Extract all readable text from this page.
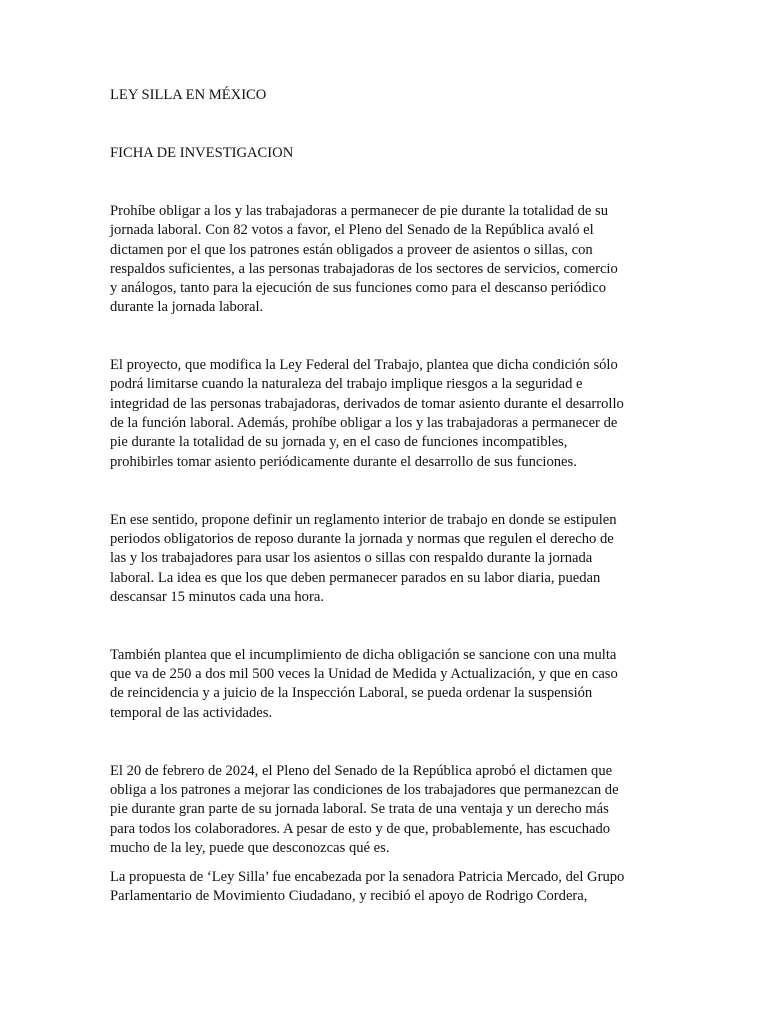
LEY SILLA EN MÉXICO
FICHA DE INVESTIGACION
Prohíbe obligar a los y las trabajadoras a permanecer de pie durante la totalidad de su
jornada laboral. Con 82 votos a favor, el Pleno del Senado de la República avaló el
dictamen por el que los patrones están obligados a proveer de asientos o sillas, con
respaldos suficientes, a las personas trabajadoras de los sectores de servicios, comercio
y análogos, tanto para la ejecución de sus funciones como para el descanso periódico
durante la jornada laboral.
El proyecto, que modifica la Ley Federal del Trabajo, plantea que dicha condición sólo
podrá limitarse cuando la naturaleza del trabajo implique riesgos a la seguridad e
integridad de las personas trabajadoras, derivados de tomar asiento durante el desarrollo
de la función laboral. Además, prohíbe obligar a los y las trabajadoras a permanecer de
pie durante la totalidad de su jornada y, en el caso de funciones incompatibles,
prohibirles tomar asiento periódicamente durante el desarrollo de sus funciones.
En ese sentido, propone definir un reglamento interior de trabajo en donde se estipulen
periodos obligatorios de reposo durante la jornada y normas que regulen el derecho de
las y los trabajadores para usar los asientos o sillas con respaldo durante la jornada
laboral. La idea es que los que deben permanecer parados en su labor diaria, puedan
descansar 15 minutos cada una hora.
También plantea que el incumplimiento de dicha obligación se sancione con una multa
que va de 250 a dos mil 500 veces la Unidad de Medida y Actualización, y que en caso
de reincidencia y a juicio de la Inspección Laboral, se pueda ordenar la suspensión
temporal de las actividades.
El 20 de febrero de 2024, el Pleno del Senado de la República aprobó el dictamen que
obliga a los patrones a mejorar las condiciones de los trabajadores que permanezcan de
pie durante gran parte de su jornada laboral. Se trata de una ventaja y un derecho más
para todos los colaboradores. A pesar de esto y de que, probablemente, has escuchado
mucho de la ley, puede que desconozcas qué es.
La propuesta de ‘Ley Silla’ fue encabezada por la senadora Patricia Mercado, del Grupo
Parlamentario de Movimiento Ciudadano, y recibió el apoyo de Rodrigo Cordera,
